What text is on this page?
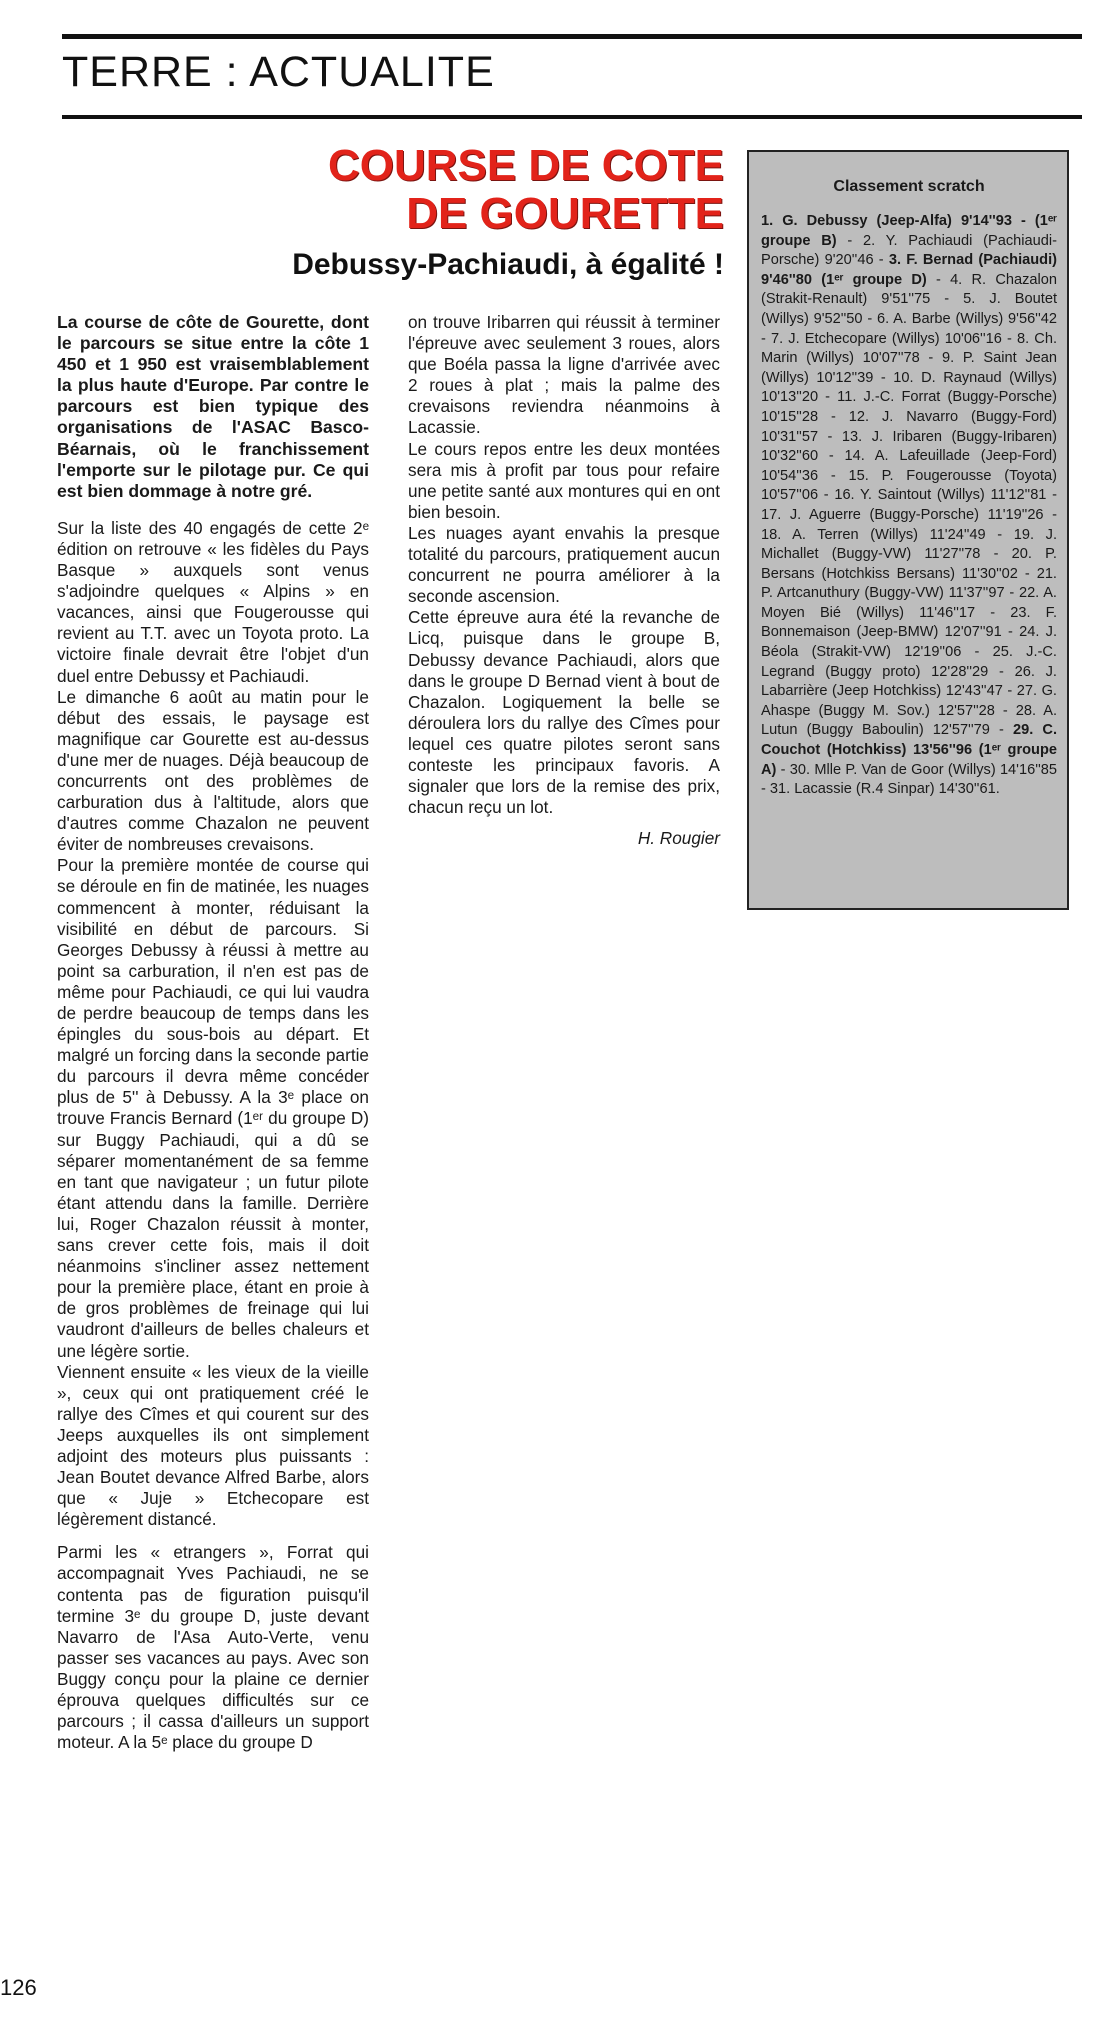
TERRE : ACTUALITE
COURSE DE COTE
DE GOURETTE
Debussy-Pachiaudi, à égalité !

La course de côte de Gourette, dont le parcours se situe entre la côte 1 450 et 1 950 est vraisemblablement la plus haute d'Europe. Par contre le parcours est bien typique des organisations de l'ASAC Basco-Béarnais, où le franchissement l'emporte sur le pilotage pur. Ce qui est bien dommage à notre gré.

Sur la liste des 40 engagés de cette 2ᵉ édition on retrouve « les fidèles du Pays Basque » auxquels sont venus s'adjoindre quelques « Alpins » en vacances, ainsi que Fougerousse qui revient au T.T. avec un Toyota proto. La victoire finale devrait être l'objet d'un duel entre Debussy et Pachiaudi.

Le dimanche 6 août au matin pour le début des essais, le paysage est magnifique car Gourette est au-dessus d'une mer de nuages. Déjà beaucoup de concurrents ont des problèmes de carburation dus à l'altitude, alors que d'autres comme Chazalon ne peuvent éviter de nombreuses crevaisons.

Pour la première montée de course qui se déroule en fin de matinée, les nuages commencent à monter, réduisant la visibilité en début de parcours. Si Georges Debussy à réussi à mettre au point sa carburation, il n'en est pas de même pour Pachiaudi, ce qui lui vaudra de perdre beaucoup de temps dans les épingles du sous-bois au départ. Et malgré un forcing dans la seconde partie du parcours il devra même concéder plus de 5'' à Debussy. A la 3ᵉ place on trouve Francis Bernard (1ᵉʳ du groupe D) sur Buggy Pachiaudi, qui a dû se séparer momentanément de sa femme en tant que navigateur ; un futur pilote étant attendu dans la famille. Derrière lui, Roger Chazalon réussit à monter, sans crever cette fois, mais il doit néanmoins s'incliner assez nettement pour la première place, étant en proie à de gros problèmes de freinage qui lui vaudront d'ailleurs de belles chaleurs et une légère sortie.

Viennent ensuite « les vieux de la vieille », ceux qui ont pratiquement créé le rallye des Cîmes et qui courent sur des Jeeps auxquelles ils ont simplement adjoint des moteurs plus puissants : Jean Boutet devance Alfred Barbe, alors que « Juje » Etchecopare est légèrement distancé.

Parmi les « etrangers », Forrat qui accompagnait Yves Pachiaudi, ne se contenta pas de figuration puisqu'il termine 3ᵉ du groupe D, juste devant Navarro de l'Asa Auto-Verte, venu passer ses vacances au pays. Avec son Buggy conçu pour la plaine ce dernier éprouva quelques difficultés sur ce parcours ; il cassa d'ailleurs un support moteur. A la 5ᵉ place du groupe D

on trouve Iribarren qui réussit à terminer l'épreuve avec seulement 3 roues, alors que Boéla passa la ligne d'arrivée avec 2 roues à plat ; mais la palme des crevaisons reviendra néanmoins à Lacassie.

Le cours repos entre les deux montées sera mis à profit par tous pour refaire une petite santé aux montures qui en ont bien besoin.

Les nuages ayant envahis la presque totalité du parcours, pratiquement aucun concurrent ne pourra améliorer à la seconde ascension.

Cette épreuve aura été la revanche de Licq, puisque dans le groupe B, Debussy devance Pachiaudi, alors que dans le groupe D Bernad vient à bout de Chazalon. Logiquement la belle se déroulera lors du rallye des Cîmes pour lequel ces quatre pilotes seront sans conteste les principaux favoris. A signaler que lors de la remise des prix, chacun reçu un lot.

H. Rougier

Classement scratch

1. G. Debussy (Jeep-Alfa) 9'14''93 - (1ᵉʳ groupe B) - 2. Y. Pachiaudi (Pachiaudi-Porsche) 9'20''46 - 3. F. Bernad (Pachiaudi) 9'46''80 (1ᵉʳ groupe D) - 4. R. Chazalon (Strakit-Renault) 9'51''75 - 5. J. Boutet (Willys) 9'52''50 - 6. A. Barbe (Willys) 9'56''42 - 7. J. Etchecopare (Willys) 10'06''16 - 8. Ch. Marin (Willys) 10'07''78 - 9. P. Saint Jean (Willys) 10'12''39 - 10. D. Raynaud (Willys) 10'13''20 - 11. J.-C. Forrat (Buggy-Porsche) 10'15''28 - 12. J. Navarro (Buggy-Ford) 10'31''57 - 13. J. Iribaren (Buggy-Iribaren) 10'32''60 - 14. A. Lafeuillade (Jeep-Ford) 10'54''36 - 15. P. Fougerousse (Toyota) 10'57''06 - 16. Y. Saintout (Willys) 11'12''81 - 17. J. Aguerre (Buggy-Porsche) 11'19''26 - 18. A. Terren (Willys) 11'24''49 - 19. J. Michallet (Buggy-VW) 11'27''78 - 20. P. Bersans (Hotchkiss Bersans) 11'30''02 - 21. P. Artcanuthury (Buggy-VW) 11'37''97 - 22. A. Moyen Bié (Willys) 11'46''17 - 23. F. Bonnemaison (Jeep-BMW) 12'07''91 - 24. J. Béola (Strakit-VW) 12'19''06 - 25. J.-C. Legrand (Buggy proto) 12'28''29 - 26. J. Labarrière (Jeep Hotchkiss) 12'43''47 - 27. G. Ahaspe (Buggy M. Sov.) 12'57''28 - 28. A. Lutun (Buggy Baboulin) 12'57''79 - 29. C. Couchot (Hotchkiss) 13'56''96 (1ᵉʳ groupe A) - 30. Mlle P. Van de Goor (Willys) 14'16''85 - 31. Lacassie (R.4 Sinpar) 14'30''61.

126
